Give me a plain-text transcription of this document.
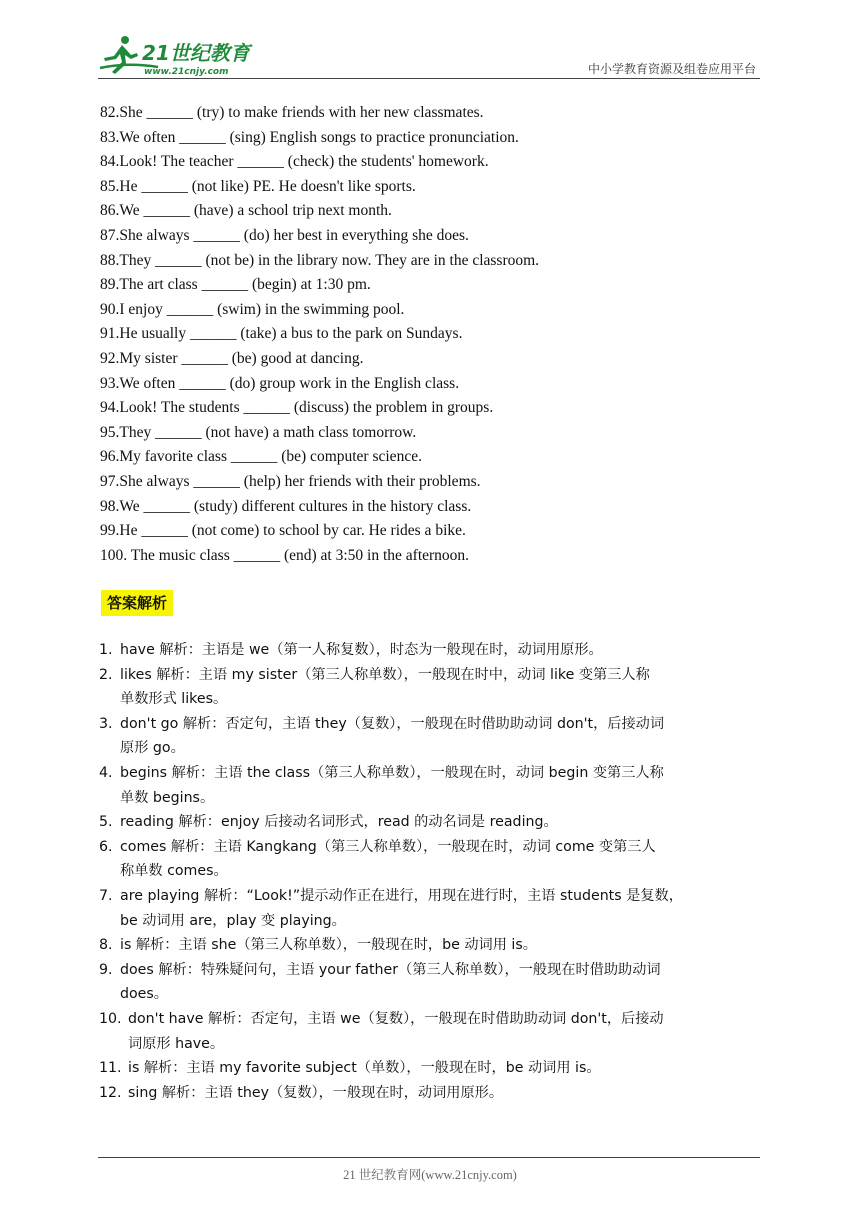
21世纪教育
www.21cnjy.com	中小学教育资源及组卷应用平台
82.She ______ (try) to make friends with her new classmates.
83.We often ______ (sing) English songs to practice pronunciation.
84.Look! The teacher ______ (check) the students' homework.
85.He ______ (not like) PE. He doesn't like sports.
86.We ______ (have) a school trip next month.
87.She always ______ (do) her best in everything she does.
88.They ______ (not be) in the library now. They are in the classroom.
89.The art class ______ (begin) at 1:30 pm.
90.I enjoy ______ (swim) in the swimming pool.
91.He usually ______ (take) a bus to the park on Sundays.
92.My sister ______ (be) good at dancing.
93.We often ______ (do) group work in the English class.
94.Look! The students ______ (discuss) the problem in groups.
95.They ______ (not have) a math class tomorrow.
96.My favorite class ______ (be) computer science.
97.She always ______ (help) her friends with their problems.
98.We ______ (study) different cultures in the history class.
99.He ______ (not come) to school by car. He rides a bike.
100. The music class ______ (end) at 3:50 in the afternoon.
答案解析
1. have 解析：主语是 we（第一人称复数），时态为一般现在时，动词用原形。
2. likes 解析：主语 my sister（第三人称单数），一般现在时中，动词 like 变第三人称
单数形式 likes。
3. don't go 解析：否定句，主语 they（复数），一般现在时借助助动词 don't，后接动词
原形 go。
4. begins 解析：主语 the class（第三人称单数），一般现在时，动词 begin 变第三人称
单数 begins。
5. reading 解析：enjoy 后接动名词形式，read 的动名词是 reading。
6. comes 解析：主语 Kangkang（第三人称单数），一般现在时，动词 come 变第三人
称单数 comes。
7. are playing 解析：“Look!”提示动作正在进行，用现在进行时，主语 students 是复数，
be 动词用 are，play 变 playing。
8. is 解析：主语 she（第三人称单数），一般现在时，be 动词用 is。
9. does 解析：特殊疑问句，主语 your father（第三人称单数），一般现在时借助助动词
does。
10. don't have 解析：否定句，主语 we（复数），一般现在时借助助动词 don't，后接动
词原形 have。
11. is 解析：主语 my favorite subject（单数），一般现在时，be 动词用 is。
12. sing 解析：主语 they（复数），一般现在时，动词用原形。
21 世纪教育网(www.21cnjy.com)
